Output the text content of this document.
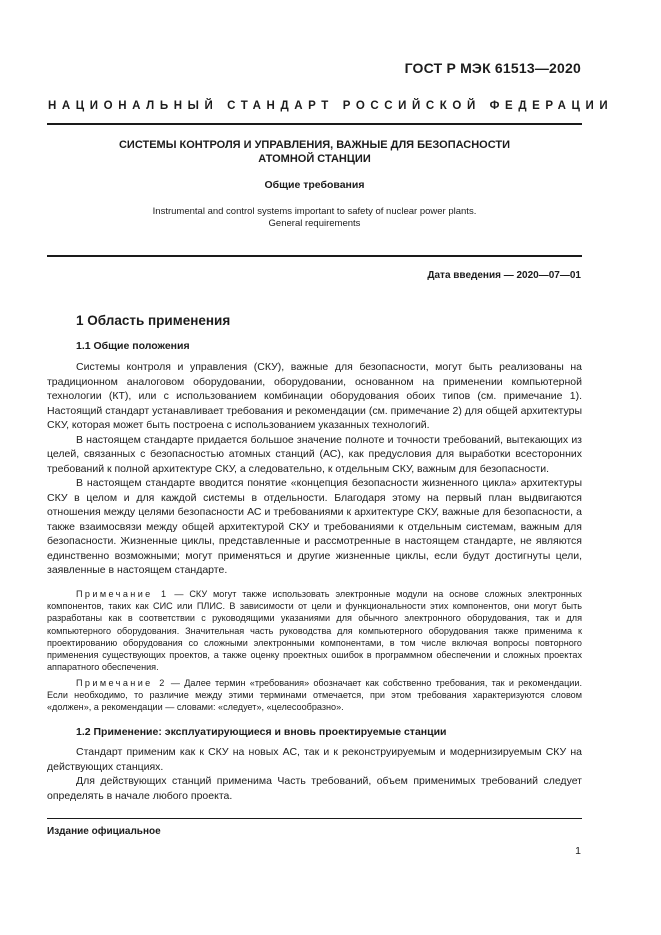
ГОСТ Р МЭК 61513—2020
НАЦИОНАЛЬНЫЙ СТАНДАРТ РОССИЙСКОЙ ФЕДЕРАЦИИ
СИСТЕМЫ КОНТРОЛЯ И УПРАВЛЕНИЯ, ВАЖНЫЕ ДЛЯ БЕЗОПАСНОСТИ
АТОМНОЙ СТАНЦИИ
Общие требования
Instrumental and control systems important to safety of nuclear power plants.
General requirements
Дата введения — 2020—07—01
1 Область применения
1.1 Общие положения

Системы контроля и управления (СКУ), важные для безопасности, могут быть реализованы на традиционном аналоговом оборудовании, оборудовании, основанном на применении компьютерной технологии (КТ), или с использованием комбинации оборудования обоих типов (см. примечание 1). Настоящий стандарт устанавливает требования и рекомендации (см. примечание 2) для общей архитектуры СКУ, которая может быть построена с использованием указанных технологий.

В настоящем стандарте придается большое значение полноте и точности требований, вытекающих из целей, связанных с безопасностью атомных станций (АС), как предусловия для выработки всесторонних требований к полной архитектуре СКУ, а следовательно, к отдельным СКУ, важным для безопасности.

В настоящем стандарте вводится понятие «концепция безопасности жизненного цикла» архитектуры СКУ в целом и для каждой системы в отдельности. Благодаря этому на первый план выдвигаются отношения между целями безопасности АС и требованиями к архитектуре СКУ, важные для безопасности, а также взаимосвязи между общей архитектурой СКУ и требованиями к отдельным системам, важным для безопасности. Жизненные циклы, представленные и рассмотренные в настоящем стандарте, не являются единственно возможными; могут применяться и другие жизненные циклы, если будут достигнуты цели, заявленные в настоящем стандарте.

Примечание 1 — СКУ могут также использовать электронные модули на основе сложных электронных компонентов, таких как СИС или ПЛИС. В зависимости от цели и функциональности этих компонентов, они могут быть разработаны как в соответствии с руководящими указаниями для обычного электронного оборудования, так и для компьютерного оборудования. Значительная часть руководства для компьютерного оборудования также применима к проектированию оборудования со сложными электронными компонентами, в том числе включая вопросы повторного применения существующих проектов, а также оценку проектных ошибок в программном обеспечении и сложных проектах аппаратного обеспечения.

Примечание 2 — Далее термин «требования» обозначает как собственно требования, так и рекомендации. Если необходимо, то различие между этими терминами отмечается, при этом требования характеризуются словом «должен», а рекомендации — словами: «следует», «целесообразно».

1.2 Применение: эксплуатирующиеся и вновь проектируемые станции

Стандарт применим как к СКУ на новых АС, так и к реконструируемым и модернизируемым СКУ на действующих станциях.

Для действующих станций применима Часть требований, объем применимых требований следует определять в начале любого проекта.

Издание официальное
1
